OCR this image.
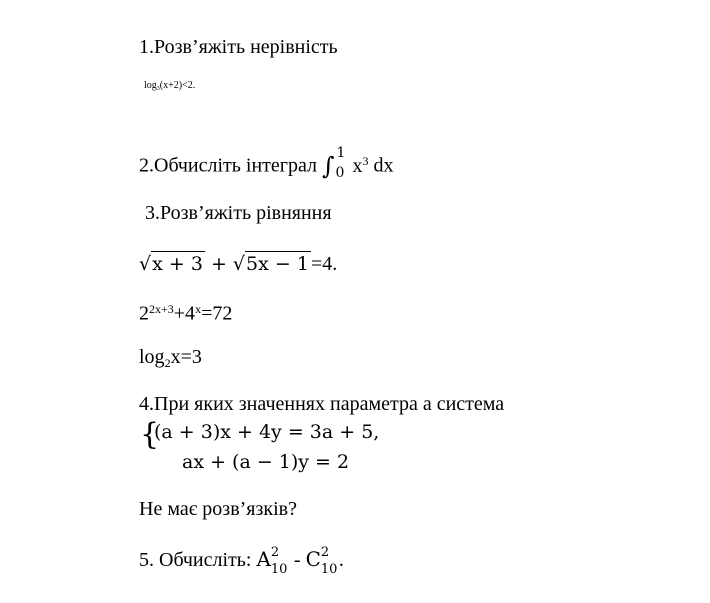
1.Розв’яжіть нерівність
$\log_3(x+2)<2$.
2.Обчисліть інтеграл ∫ 1
0 $x^3$ dx
3.Розв’яжіть рівняння
√x + 3 + √5x − 1 =4.
$2^{2x+3}+4^x=72$
$\log_2x=3$
4.При яких значеннях параметра а система
{
(a + 3)x + 4y = 3a + 5,
ax + (a − 1)y = 2
Не має розв’язків?
5. Обчисліть: A 2
10 - C 2
10 .
